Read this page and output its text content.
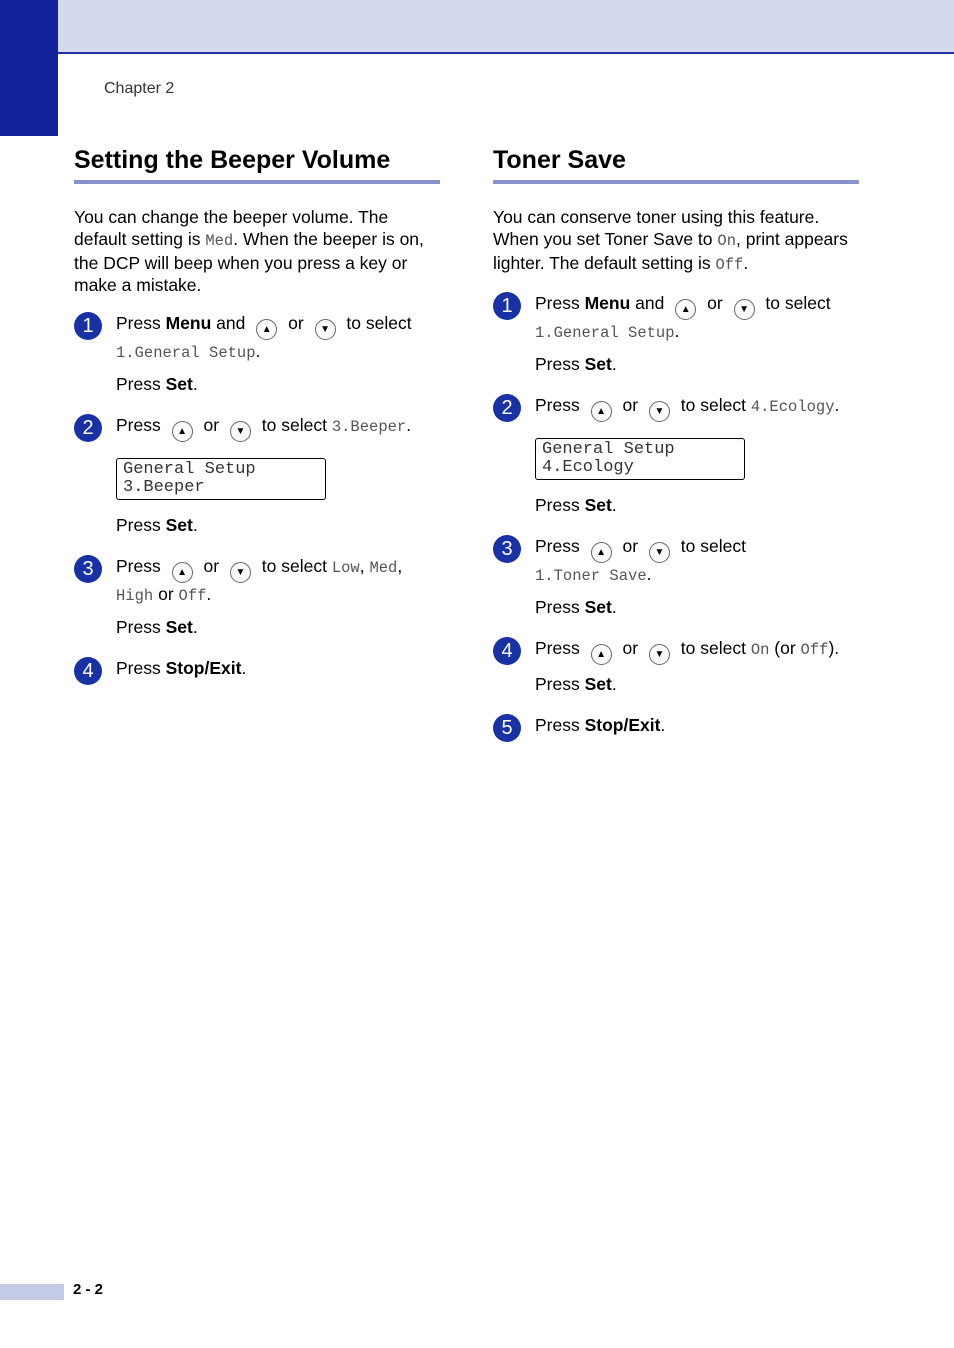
Chapter 2
Setting the Beeper Volume

You can change the beeper volume. The default setting is Med. When the beeper is on, the DCP will beep when you press a key or make a mistake.

1	Press Menu and ▲ or ▼ to select
1.General Setup.
Press Set.
2	Press ▲ or ▼ to select 3.Beeper.
General Setup
3.Beeper
Press Set.
3	Press ▲ or ▼ to select Low, Med,
High or Off.
Press Set.
4	Press Stop/Exit.
Toner Save

You can conserve toner using this feature. When you set Toner Save to On, print appears lighter. The default setting is Off.

1	Press Menu and ▲ or ▼ to select
1.General Setup.
Press Set.
2	Press ▲ or ▼ to select 4.Ecology.
General Setup
4.Ecology
Press Set.
3	Press ▲ or ▼ to select
1.Toner Save.
Press Set.
4	Press ▲ or ▼ to select On (or Off).
Press Set.
5	Press Stop/Exit.
2 - 2
